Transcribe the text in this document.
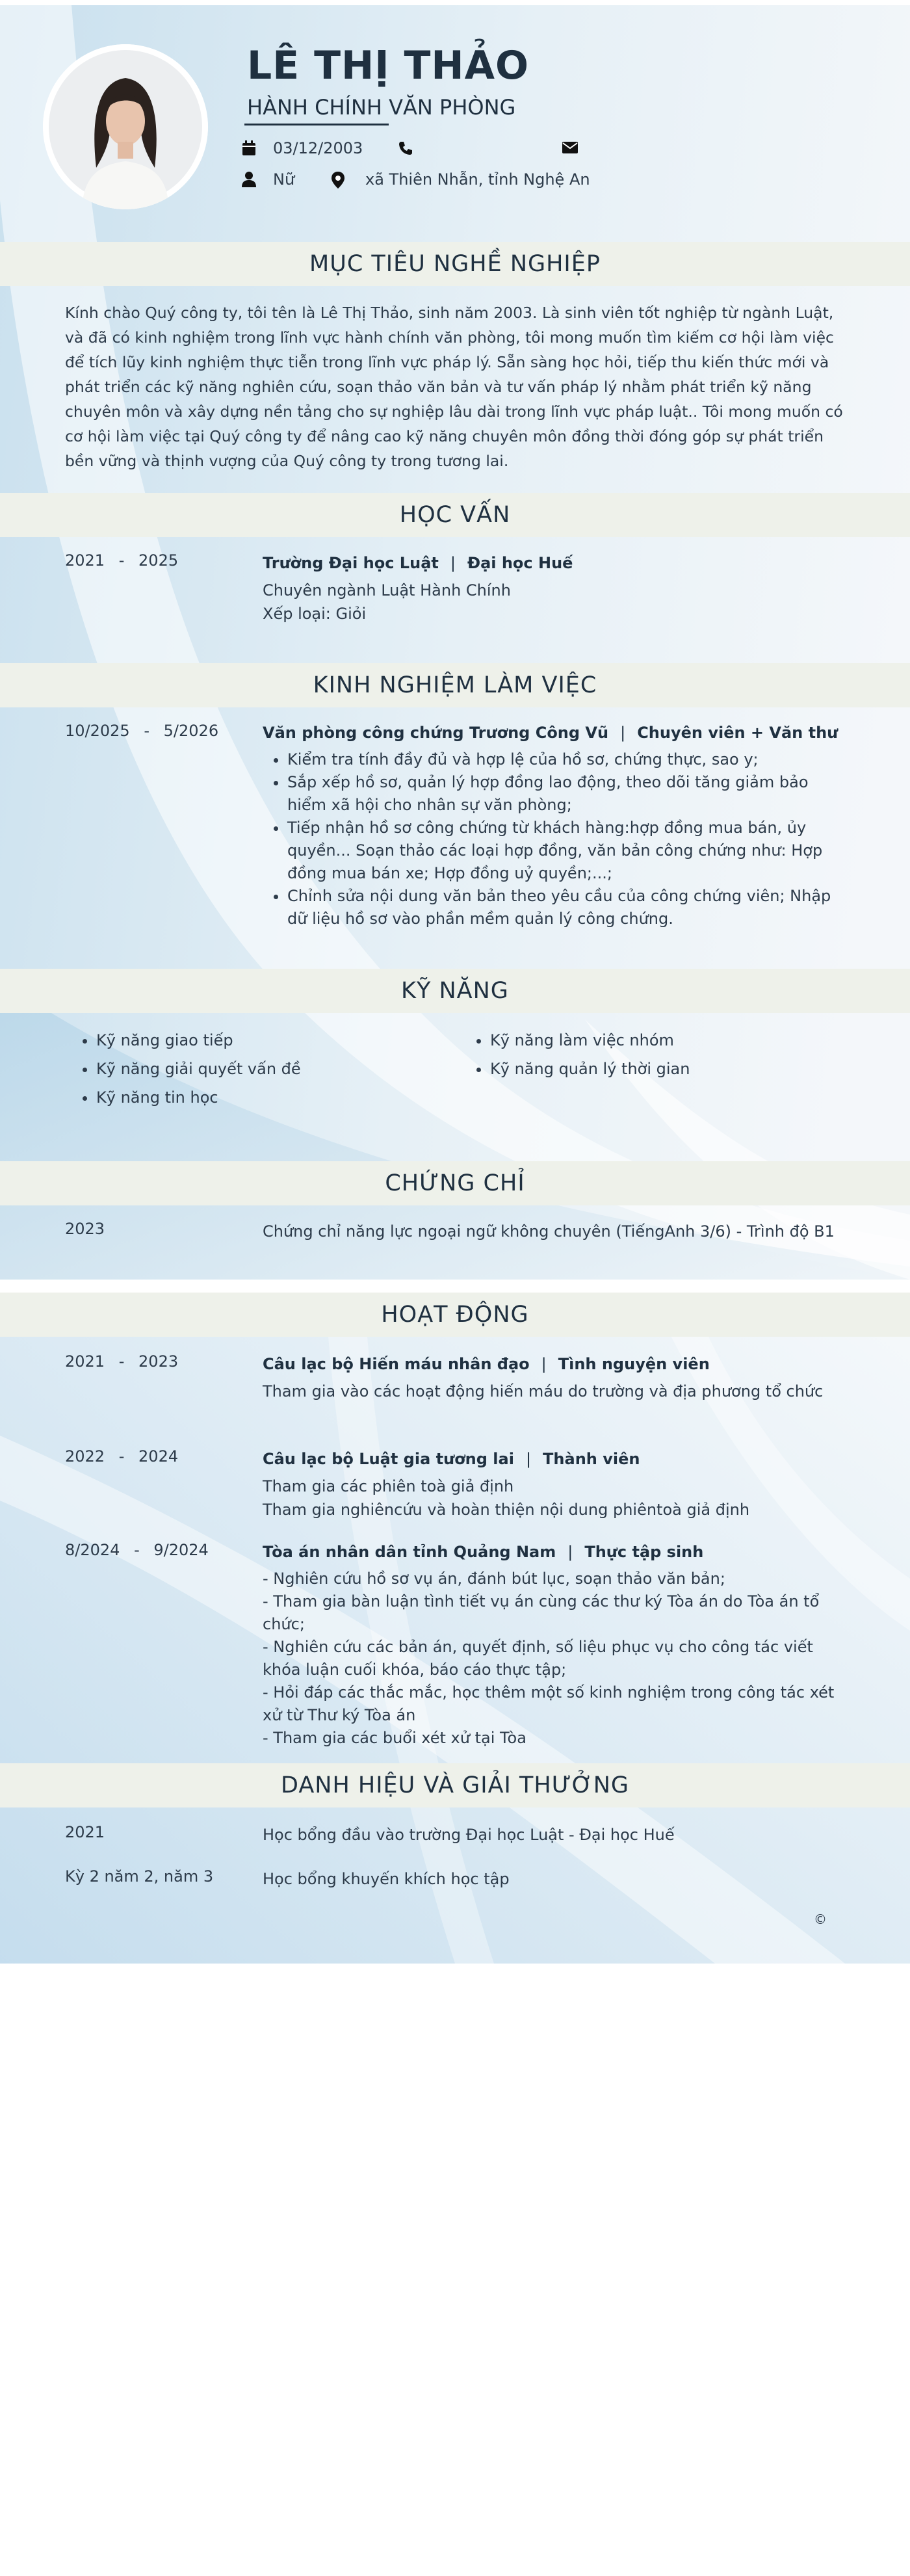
LÊ THỊ THẢO
HÀNH CHÍNH VĂN PHÒNG
03/12/2003
Nữ	xã Thiên Nhẫn, tỉnh Nghệ An
MỤC TIÊU NGHỀ NGHIỆP
Kính chào Quý công ty, tôi tên là Lê Thị Thảo, sinh năm 2003. Là sinh viên tốt nghiệp từ ngành Luật, và đã có kinh nghiệm trong lĩnh vực hành chính văn phòng, tôi mong muốn tìm kiếm cơ hội làm việc để tích lũy kinh nghiệm thực tiễn trong lĩnh vực pháp lý. Sẵn sàng học hỏi, tiếp thu kiến thức mới và phát triển các kỹ năng nghiên cứu, soạn thảo văn bản và tư vấn pháp lý nhằm phát triển kỹ năng chuyên môn và xây dựng nền tảng cho sự nghiệp lâu dài trong lĩnh vực pháp luật.. Tôi mong muốn có cơ hội làm việc tại Quý công ty để nâng cao kỹ năng chuyên môn đồng thời đóng góp sự phát triển bền vững và thịnh vượng của Quý công ty trong tương lai.
HỌC VẤN
2021 - 2025	Trường Đại học Luật | Đại học Huế
Chuyên ngành Luật Hành Chính
Xếp loại: Giỏi
KINH NGHIỆM LÀM VIỆC
10/2025 - 5/2026	Văn phòng công chứng Trương Công Vũ | Chuyên viên + Văn thư
• Kiểm tra tính đầy đủ và hợp lệ của hồ sơ, chứng thực, sao y;
• Sắp xếp hồ sơ, quản lý hợp đồng lao động, theo dõi tăng giảm bảo hiểm xã hội cho nhân sự văn phòng;
• Tiếp nhận hồ sơ công chứng từ khách hàng:hợp đồng mua bán, ủy quyền... Soạn thảo các loại hợp đồng, văn bản công chứng như: Hợp đồng mua bán xe; Hợp đồng uỷ quyền;...;
• Chỉnh sửa nội dung văn bản theo yêu cầu của công chứng viên; Nhập dữ liệu hồ sơ vào phần mềm quản lý công chứng.
KỸ NĂNG
• Kỹ năng giao tiếp
• Kỹ năng giải quyết vấn đề
• Kỹ năng tin học
• Kỹ năng làm việc nhóm
• Kỹ năng quản lý thời gian
CHỨNG CHỈ
2023	Chứng chỉ năng lực ngoại ngữ không chuyên (TiếngAnh 3/6) - Trình độ B1
HOẠT ĐỘNG
2021 - 2023	Câu lạc bộ Hiến máu nhân đạo | Tình nguyện viên
Tham gia vào các hoạt động hiến máu do trường và địa phương tổ chức
2022 - 2024	Câu lạc bộ Luật gia tương lai | Thành viên
Tham gia các phiên toà giả định
Tham gia nghiêncứu và hoàn thiện nội dung phiêntoà giả định
8/2024 - 9/2024	Tòa án nhân dân tỉnh Quảng Nam | Thực tập sinh
- Nghiên cứu hồ sơ vụ án, đánh bút lục, soạn thảo văn bản;
- Tham gia bàn luận tình tiết vụ án cùng các thư ký Tòa án do Tòa án tổ chức;
- Nghiên cứu các bản án, quyết định, số liệu phục vụ cho công tác viết khóa luận cuối khóa, báo cáo thực tập;
- Hỏi đáp các thắc mắc, học thêm một số kinh nghiệm trong công tác xét xử từ Thư ký Tòa án
- Tham gia các buổi xét xử tại Tòa
DANH HIỆU VÀ GIẢI THƯỞNG
2021	Học bổng đầu vào trường Đại học Luật - Đại học Huế
Kỳ 2 năm 2, năm 3	Học bổng khuyến khích học tập
©
